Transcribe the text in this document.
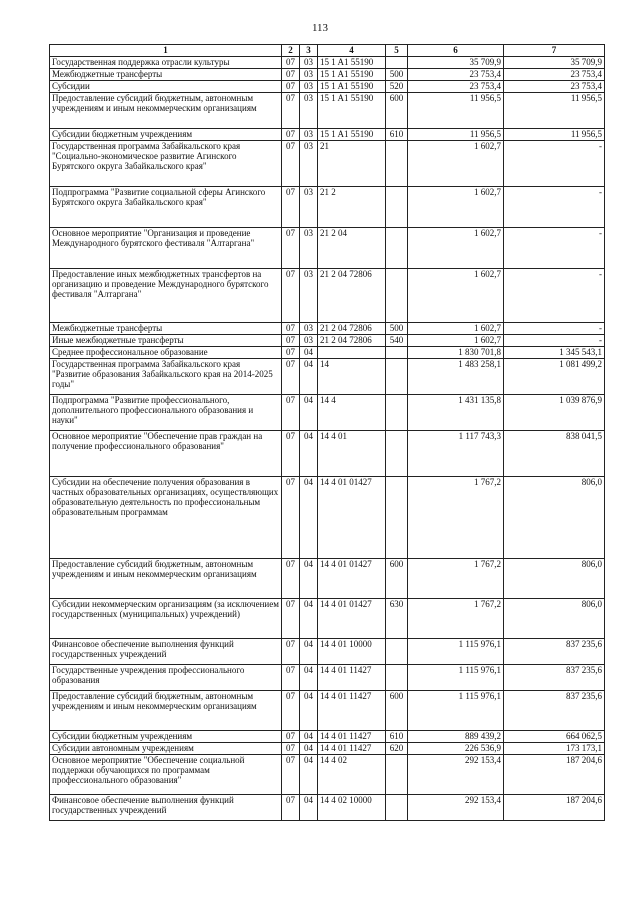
113
1	2	3	4	5	6	7
Государственная поддержка отрасли культуры	07	03	15 1 A1 55190		35 709,9	35 709,9
Межбюджетные трансферты	07	03	15 1 A1 55190	500	23 753,4	23 753,4
Субсидии	07	03	15 1 A1 55190	520	23 753,4	23 753,4
Предоставление субсидий бюджетным, автономным учреждениям и иным некоммерческим организациям	07	03	15 1 A1 55190	600	11 956,5	11 956,5
Субсидии бюджетным учреждениям	07	03	15 1 A1 55190	610	11 956,5	11 956,5
Государственная программа Забайкальского края "Социально-экономическое развитие Агинского Бурятского округа Забайкальского края"	07	03	21		1 602,7	-
Подпрограмма "Развитие социальной сферы Агинского Бурятского округа Забайкальского края"	07	03	21 2		1 602,7	-
Основное мероприятие "Организация и проведение Международного бурятского фестиваля "Алтаргана"	07	03	21 2 04		1 602,7	-
Предоставление иных межбюджетных трансфертов на организацию и проведение Международного бурятского фестиваля "Алтаргана"	07	03	21 2 04 72806		1 602,7	-
Межбюджетные трансферты	07	03	21 2 04 72806	500	1 602,7	-
Иные межбюджетные трансферты	07	03	21 2 04 72806	540	1 602,7	-
Среднее профессиональное образование	07	04			1 830 701,8	1 345 543,1
Государственная программа Забайкальского края "Развитие образования Забайкальского края на 2014-2025 годы"	07	04	14		1 483 258,1	1 081 499,2
Подпрограмма "Развитие профессионального, дополнительного профессионального образования и науки"	07	04	14 4		1 431 135,8	1 039 876,9
Основное мероприятие "Обеспечение прав граждан на получение профессионального образования"	07	04	14 4 01		1 117 743,3	838 041,5
Субсидии на обеспечение получения образования в частных образовательных организациях, осуществляющих образовательную деятельность по профессиональным образовательным программам	07	04	14 4 01 01427		1 767,2	806,0
Предоставление субсидий бюджетным, автономным учреждениям и иным некоммерческим организациям	07	04	14 4 01 01427	600	1 767,2	806,0
Субсидии некоммерческим организациям (за исключением государственных (муниципальных) учреждений)	07	04	14 4 01 01427	630	1 767,2	806,0
Финансовое обеспечение выполнения функций государственных учреждений	07	04	14 4 01 10000		1 115 976,1	837 235,6
Государственные учреждения профессионального образования	07	04	14 4 01 11427		1 115 976,1	837 235,6
Предоставление субсидий бюджетным, автономным учреждениям и иным некоммерческим организациям	07	04	14 4 01 11427	600	1 115 976,1	837 235,6
Субсидии бюджетным учреждениям	07	04	14 4 01 11427	610	889 439,2	664 062,5
Субсидии автономным учреждениям	07	04	14 4 01 11427	620	226 536,9	173 173,1
Основное мероприятие "Обеспечение социальной поддержки обучающихся по программам профессионального образования"	07	04	14 4 02		292 153,4	187 204,6
Финансовое обеспечение выполнения функций государственных учреждений	07	04	14 4 02 10000		292 153,4	187 204,6
